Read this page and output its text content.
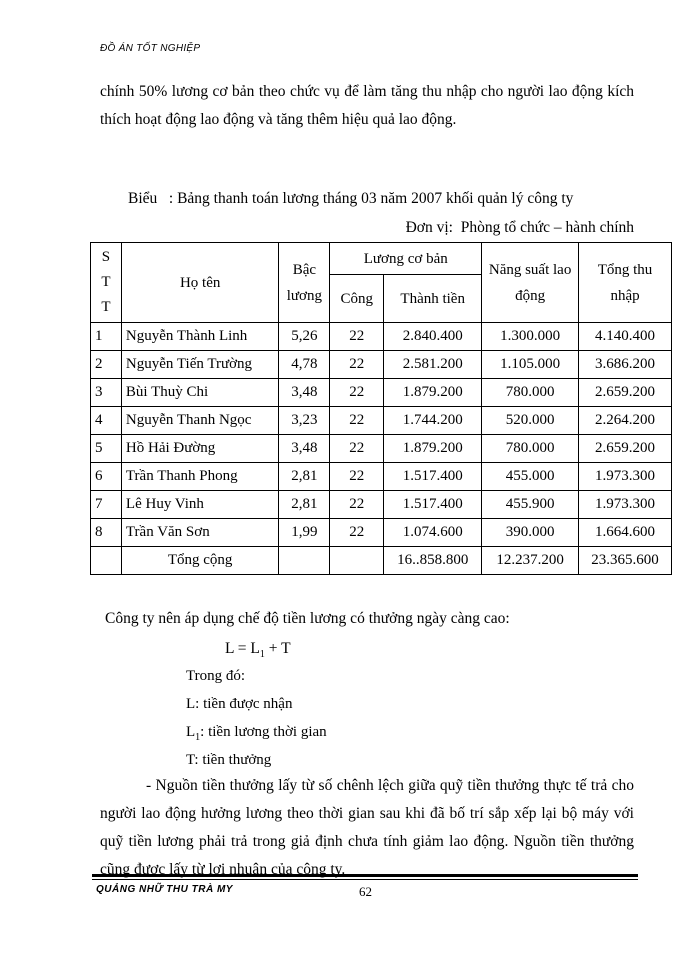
ĐỒ ÁN TỐT NGHIỆP
chính 50% lương cơ bản theo chức vụ để làm tăng thu nhập cho người lao động kích thích hoạt động lao động và tăng thêm hiệu quả lao động.
Biểu   : Bảng thanh toán lương tháng 03 năm 2007 khối quản lý công ty
Đơn vị:  Phòng tổ chức – hành chính
S
T
T	Họ tên	Bậc lương	Lương cơ bản		Năng suất lao động	Tổng thu nhập
			Công	Thành tiền		
1	Nguyễn Thành Linh	5,26	22	2.840.400	1.300.000	4.140.400
2	Nguyễn Tiến Trường	4,78	22	2.581.200	1.105.000	3.686.200
3	Bùi Thuỳ Chi	3,48	22	1.879.200	780.000	2.659.200
4	Nguyễn Thanh Ngọc	3,23	22	1.744.200	520.000	2.264.200
5	Hồ Hải Đường	3,48	22	1.879.200	780.000	2.659.200
6	Trần Thanh Phong	2,81	22	1.517.400	455.000	1.973.300
7	Lê Huy Vinh	2,81	22	1.517.400	455.900	1.973.300
8	Trần Văn Sơn	1,99	22	1.074.600	390.000	1.664.600
	Tổng cộng			16..858.800	12.237.200	23.365.600
Công ty nên áp dụng chế độ tiền lương có thưởng ngày càng cao:
$L = L_1 + T$
Trong đó:
L: tiền được nhận
$L_1$: tiền lương thời gian
T: tiền thưởng
- Nguồn tiền thưởng lấy từ số chênh lệch giữa quỹ tiền thưởng thực tế trả cho người lao động hưởng lương theo thời gian sau khi đã bố trí sắp xếp lại bộ máy với quỹ tiền lương phải trả trong giả định chưa tính giảm lao động. Nguồn tiền thưởng cũng được lấy từ lợi nhuận của công ty.
QUẢNG NHỮ THU TRÀ MY	62
